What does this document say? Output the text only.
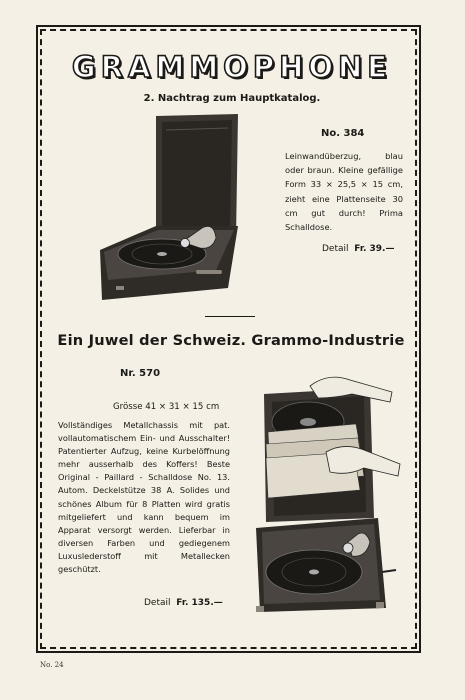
GRAMMOPHONE
2. Nachtrag zum Hauptkatalog.
No. 384
Leinwandüberzug, blau oder braun. Kleine gefällige Form 33 × 25,5 × 15 cm, zieht eine Plattenseite 30 cm gut durch! Prima Schalldose.
Detail Fr. 39.—
Ein Juwel der Schweiz. Grammo-Industrie
Nr. 570
Grösse 41 × 31 × 15 cm
Vollständiges Metallchassis mit pat. vollautomatischem Ein- und Ausschalter! Patentierter Aufzug, keine Kurbelöffnung mehr ausserhalb des Koffers! Beste Original - Paillard - Schalldose No. 13. Autom. Deckelstütze 38 A. Solides und schönes Album für 8 Platten wird gratis mitgeliefert und kann bequem im Apparat versorgt werden. Lieferbar in diversen Farben und gediegenem Luxuslederstoff mit Metallecken geschützt.
Detail Fr. 135.—
No. 24
